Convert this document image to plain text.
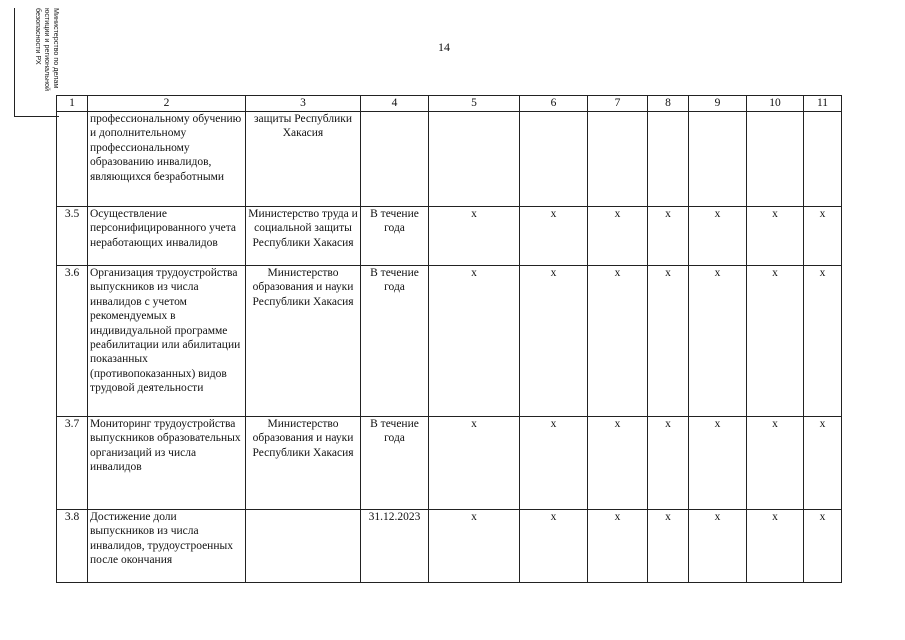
Министерство по делам
юстиции и региональной
безопасности РХ	14
1	2	3	4	5	6	7	8	9	10	11
	профессиональному обучению и дополнительному профессиональному образованию инвалидов, являющихся безработными	защиты Республики Хакасия								
3.5	Осуществление персонифицированного учета неработающих инвалидов	Министерство труда и социальной защиты Республики Хакасия	В течение года	x	x	x	x	x	x	x
3.6	Организация трудоустройства выпускников из числа инвалидов с учетом рекомендуемых в индивидуальной программе реабилитации или абилитации показанных (противопоказанных) видов трудовой деятельности	Министерство образования и науки Республики Хакасия	В течение года	x	x	x	x	x	x	x
3.7	Мониторинг трудоустройства выпускников образовательных организаций из числа инвалидов	Министерство образования и науки Республики Хакасия	В течение года	x	x	x	x	x	x	x
3.8	Достижение доли выпускников из числа инвалидов, трудоустроенных после окончания		31.12.2023	x	x	x	x	x	x	x
